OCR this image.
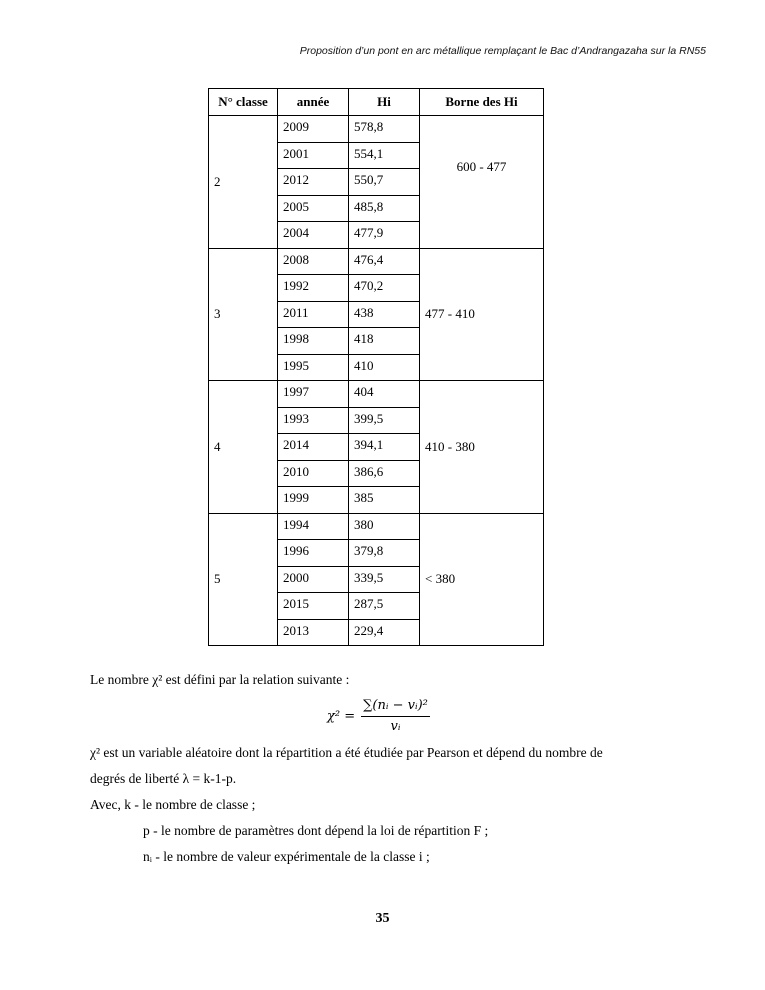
Proposition d’un pont en arc métallique remplaçant le Bac d’Andrangazaha sur la RN55
N° classe	année	Hi	Borne des Hi
2	2009	578,8	600 - 477
	2001	554,1	
	2012	550,7	
	2005	485,8	
	2004	477,9	
3	2008	476,4	477 - 410
	1992	470,2	
	2011	438	
	1998	418	
	1995	410	
4	1997	404	410 - 380
	1993	399,5	
	2014	394,1	
	2010	386,6	
	1999	385	
5	1994	380	< 380
	1996	379,8	
	2000	339,5	
	2015	287,5	
	2013	229,4	
Le nombre χ² est défini par la relation suivante :
$\chi^2 = \frac{\text{∑(nᵢ − vᵢ)²}}{\text{vᵢ}}$
χ² est un variable aléatoire dont la répartition a été étudiée par Pearson et dépend du nombre de
degrés de liberté λ = k-1-p.
Avec, k - le nombre de classe ;
p - le nombre de paramètres dont dépend la loi de répartition F ;
nᵢ - le nombre de valeur expérimentale de la classe i ;
35
